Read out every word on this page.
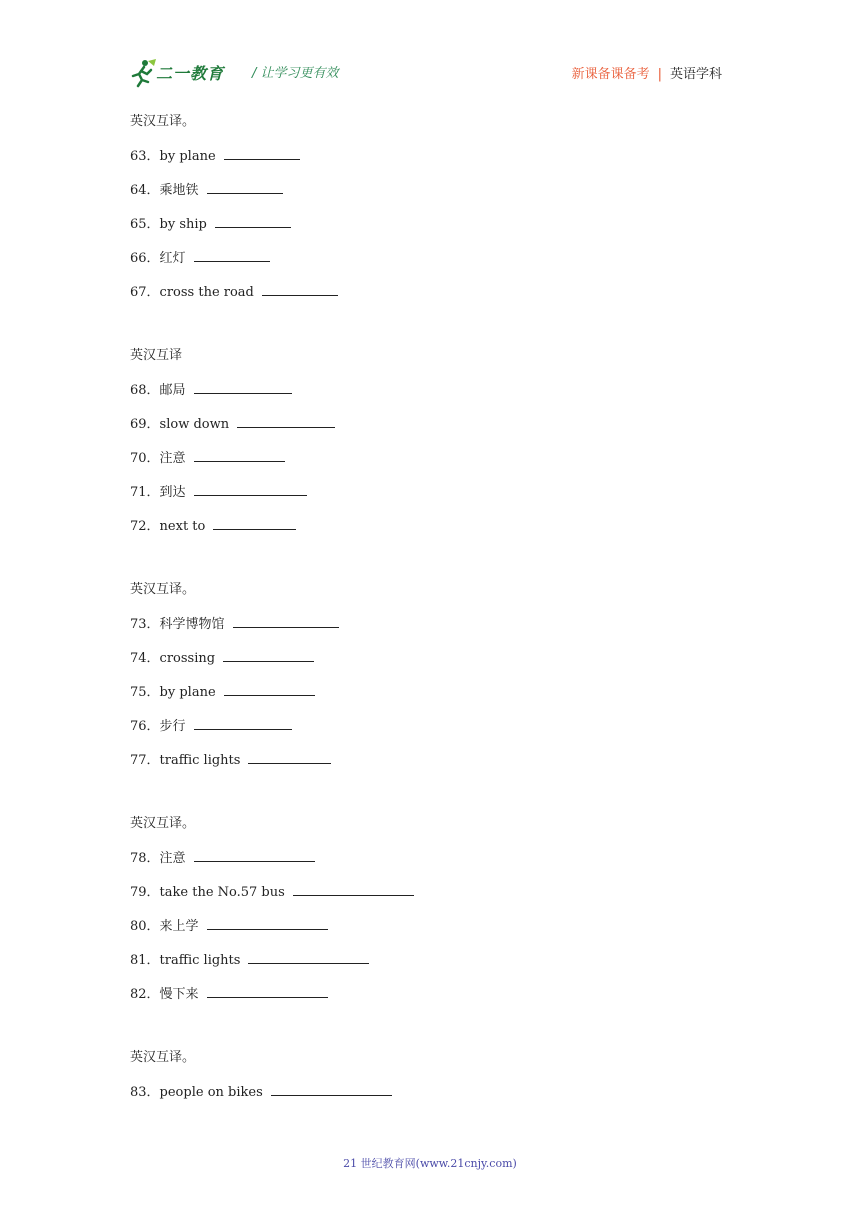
二一教育 / 让学习更有效	新课备课备考 | 英语学科
英汉互译。
63．by plane
64．乘地铁
65．by ship
66．红灯
67．cross the road
英汉互译
68．邮局
69．slow down
70．注意
71．到达
72．next to
英汉互译。
73．科学博物馆
74．crossing
75．by plane
76．步行
77．traffic lights
英汉互译。
78．注意
79．take the No.57 bus
80．来上学
81．traffic lights
82．慢下来
英汉互译。
83．people on bikes
21 世纪教育网(www.21cnjy.com)
